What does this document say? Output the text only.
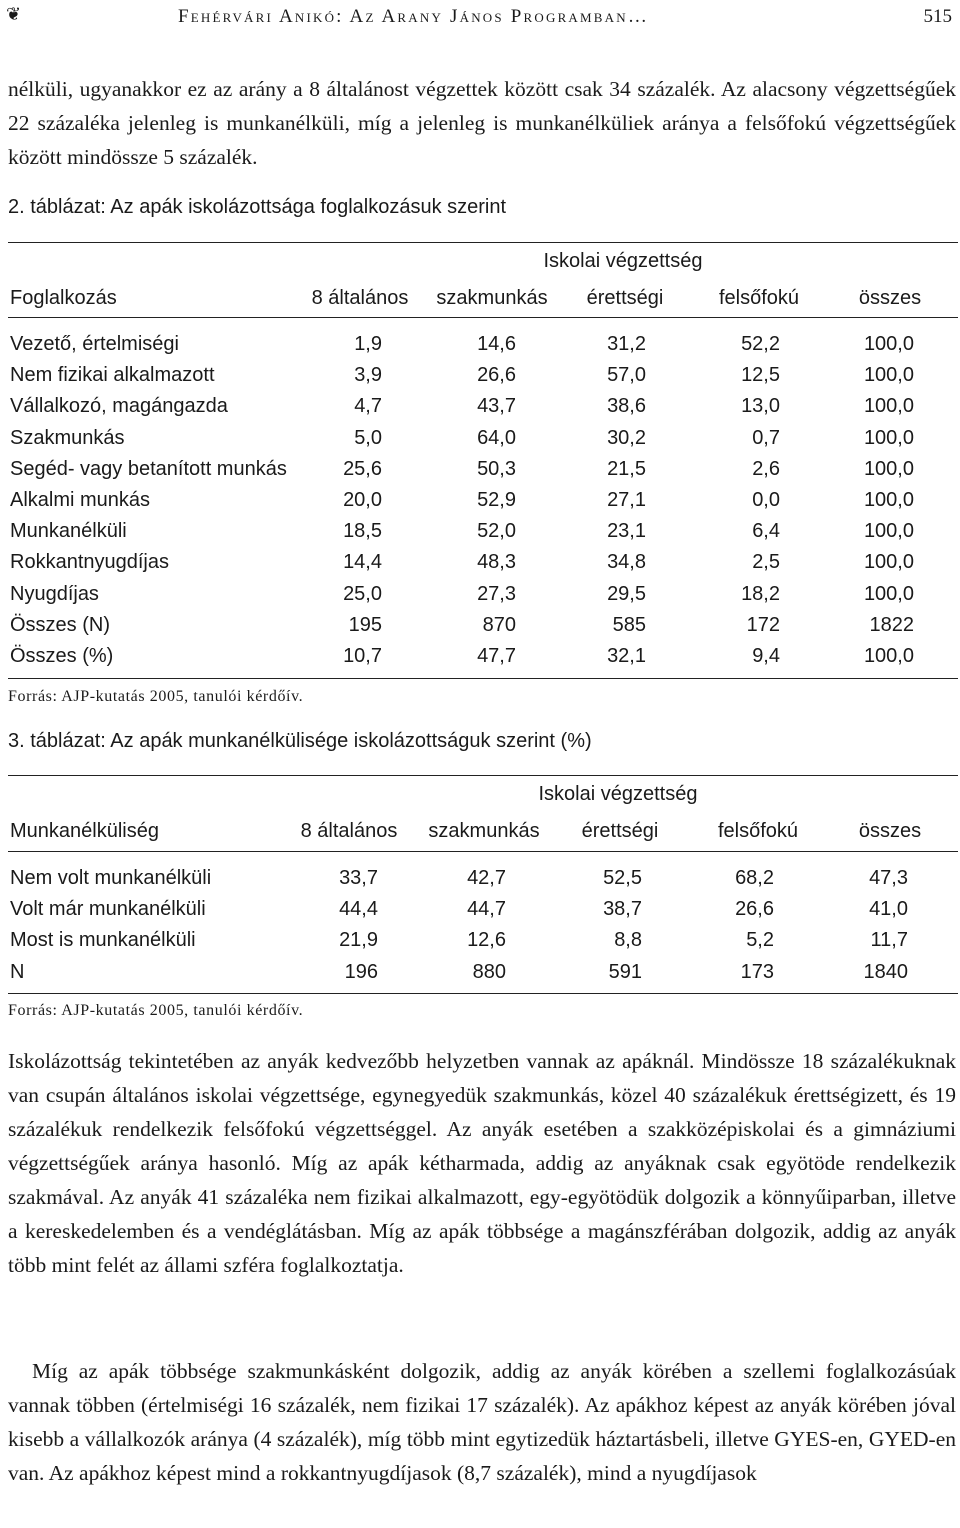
❦	Fehérvári Anikó: Az Arany János Programban…	515

nélküli, ugyanakkor ez az arány a 8 általánost végzettek között csak 34 százalék. Az alacsony végzettségűek 22 százaléka jelenleg is munkanélküli, míg a jelenleg is munkanélküliek aránya a felsőfokú végzettségűek között mindössze 5 százalék.

2. táblázat: Az apák iskolázottsága foglalkozásuk szerint
Iskolai végzettség
Foglalkozás	8 általános	szakmunkás	érettségi	felsőfokú	összes
Vezető, értelmiségi	1,9	14,6	31,2	52,2	100,0
Nem fizikai alkalmazott	3,9	26,6	57,0	12,5	100,0
Vállalkozó, magángazda	4,7	43,7	38,6	13,0	100,0
Szakmunkás	5,0	64,0	30,2	0,7	100,0
Segéd- vagy betanított munkás	25,6	50,3	21,5	2,6	100,0
Alkalmi munkás	20,0	52,9	27,1	0,0	100,0
Munkanélküli	18,5	52,0	23,1	6,4	100,0
Rokkantnyugdíjas	14,4	48,3	34,8	2,5	100,0
Nyugdíjas	25,0	27,3	29,5	18,2	100,0
Összes (N)	195	870	585	172	1822
Összes (%)	10,7	47,7	32,1	9,4	100,0
Forrás: AJP-kutatás 2005, tanulói kérdőív.
3. táblázat: Az apák munkanélkülisége iskolázottságuk szerint (%)
Iskolai végzettség
Munkanélküliség	8 általános	szakmunkás	érettségi	felsőfokú	összes
Nem volt munkanélküli	33,7	42,7	52,5	68,2	47,3
Volt már munkanélküli	44,4	44,7	38,7	26,6	41,0
Most is munkanélküli	21,9	12,6	8,8	5,2	11,7
N	196	880	591	173	1840
Forrás: AJP-kutatás 2005, tanulói kérdőív.

Iskolázottság tekintetében az anyák kedvezőbb helyzetben vannak az apáknál. Mindössze 18 százalékuknak van csupán általános iskolai végzettsége, egynegyedük szakmunkás, közel 40 százalékuk érettségizett, és 19 százalékuk rendelkezik felsőfokú végzettséggel. Az anyák esetében a szakközépiskolai és a gimnáziumi végzettségűek aránya hasonló. Míg az apák kétharmada, addig az anyáknak csak egyötöde rendelkezik szakmával. Az anyák 41 százaléka nem fizikai alkalmazott, egy-egyötödük dolgozik a könnyűiparban, illetve a kereskedelemben és a vendéglátásban. Míg az apák többsége a magánszférában dolgozik, addig az anyák több mint felét az állami szféra foglalkoztatja.

Míg az apák többsége szakmunkásként dolgozik, addig az anyák körében a szellemi foglalkozásúak vannak többen (értelmiségi 16 százalék, nem fizikai 17 százalék). Az apákhoz képest az anyák körében jóval kisebb a vállalkozók aránya (4 százalék), míg több mint egytizedük háztartásbeli, illetve GYES-en, GYED-en van. Az apákhoz képest mind a rokkantnyugdíjasok (8,7 százalék), mind a nyugdíjasok
